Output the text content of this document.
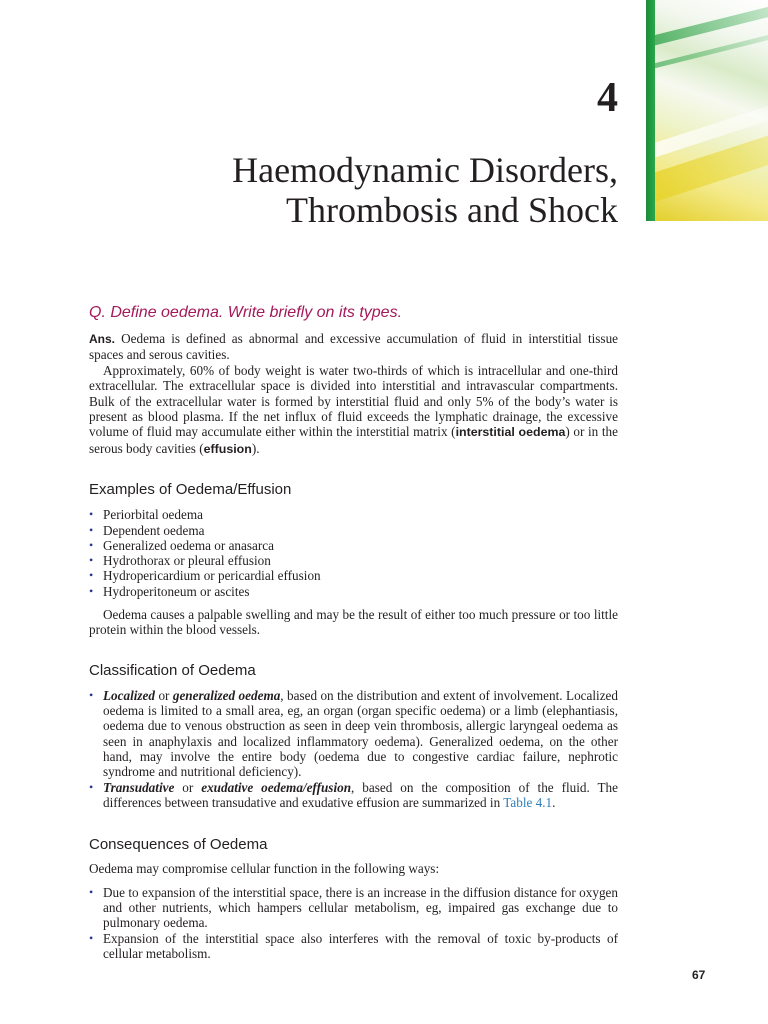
4
Haemodynamic Disorders,
Thrombosis and Shock
Q. Define oedema. Write briefly on its types.

Ans. Oedema is defined as abnormal and excessive accumulation of fluid in interstitial tissue spaces and serous cavities.

Approximately, 60% of body weight is water two-thirds of which is intracellular and one-third extracellular. The extracellular space is divided into interstitial and intravascular compartments. Bulk of the extracellular water is formed by interstitial fluid and only 5% of the body’s water is present as blood plasma. If the net influx of fluid exceeds the lymphatic drainage, the excessive volume of fluid may accumulate either within the interstitial matrix (interstitial oedema) or in the serous body cavities (effusion).

Examples of Oedema/Effusion
• Periorbital oedema
• Dependent oedema
• Generalized oedema or anasarca
• Hydrothorax or pleural effusion
• Hydropericardium or pericardial effusion
• Hydroperitoneum or ascites

Oedema causes a palpable swelling and may be the result of either too much pressure or too little protein within the blood vessels.

Classification of Oedema
• Localized or generalized oedema, based on the distribution and extent of involvement. Localized oedema is limited to a small area, eg, an organ (organ specific oedema) or a limb (elephantiasis, oedema due to venous obstruction as seen in deep vein thrombosis, allergic laryngeal oedema as seen in anaphylaxis and localized inflammatory oedema). Generalized oedema, on the other hand, may involve the entire body (oedema due to congestive cardiac failure, nephrotic syndrome and nutritional deficiency).
• Transudative or exudative oedema/effusion, based on the composition of the fluid. The differences between transudative and exudative effusion are summarized in Table 4.1.
Consequences of Oedema

Oedema may compromise cellular function in the following ways:

• Due to expansion of the interstitial space, there is an increase in the diffusion distance for oxygen and other nutrients, which hampers cellular metabolism, eg, impaired gas exchange due to pulmonary oedema.
• Expansion of the interstitial space also interferes with the removal of toxic by-products of cellular metabolism.
67
